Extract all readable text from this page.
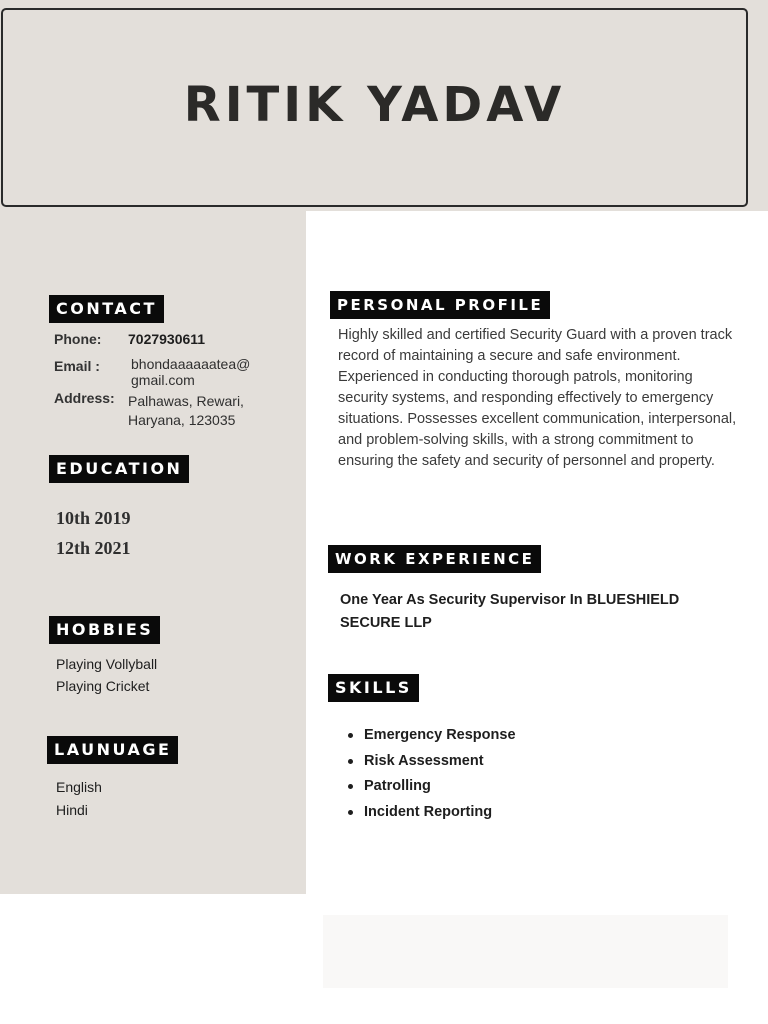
RITIK YADAV
CONTACT
Phone: 7027930611
Email : bhondaaaaaatea@
gmail.com
Address: Palhawas, Rewari,
Haryana, 123035
EDUCATION
10th 2019
12th 2021
HOBBIES
Playing Vollyball
Playing Cricket
LAUNUAGE
English
Hindi
PERSONAL PROFILE
Highly skilled and certified Security Guard with a proven track record of maintaining a secure and safe environment. Experienced in conducting thorough patrols, monitoring security systems, and responding effectively to emergency situations. Possesses excellent communication, interpersonal, and problem-solving skills, with a strong commitment to ensuring the safety and security of personnel and property.
WORK EXPERIENCE
One Year As Security Supervisor In BLUESHIELD SECURE LLP
SKILLS
Emergency Response
Risk Assessment
Patrolling
Incident Reporting
